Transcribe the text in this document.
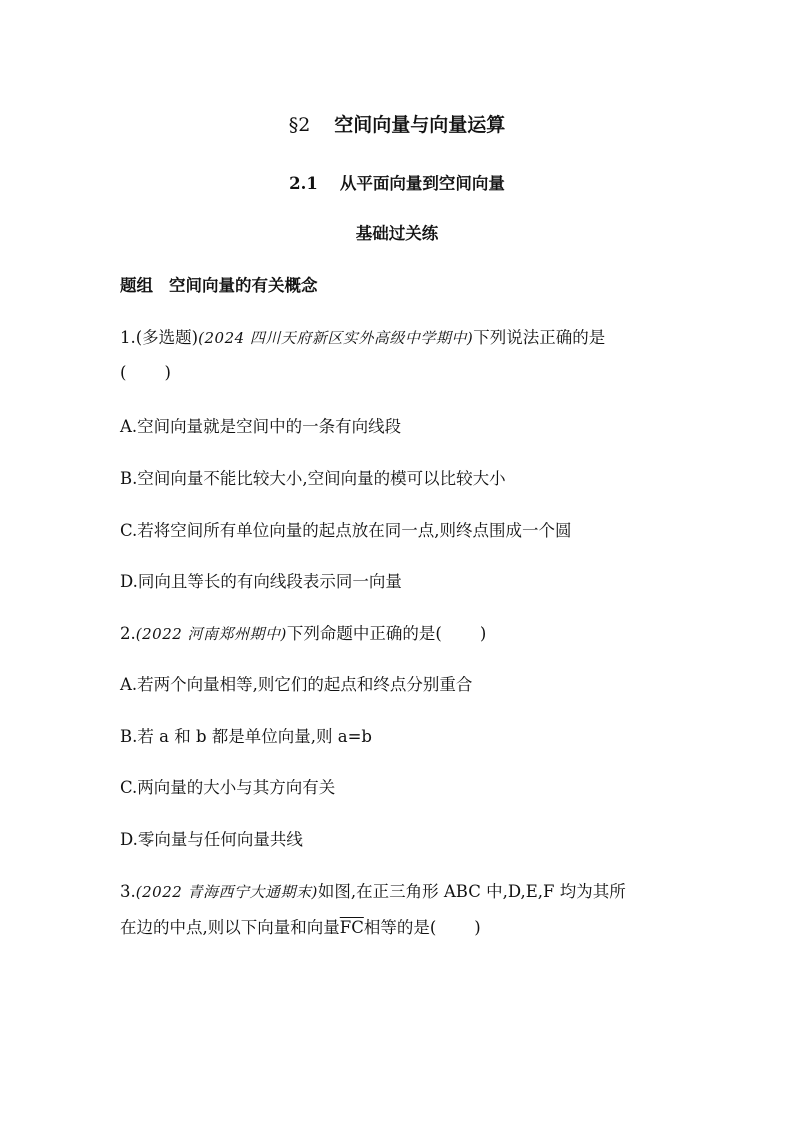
§2 空间向量与向量运算
2.1 从平面向量到空间向量
基础过关练
题组 空间向量的有关概念
1.(多选题)(2024 四川天府新区实外高级中学期中)下列说法正确的是
( )
A.空间向量就是空间中的一条有向线段
B.空间向量不能比较大小,空间向量的模可以比较大小
C.若将空间所有单位向量的起点放在同一点,则终点围成一个圆
D.同向且等长的有向线段表示同一向量
2.(2022 河南郑州期中)下列命题中正确的是( )
A.若两个向量相等,则它们的起点和终点分别重合
B.若 a 和 b 都是单位向量,则 a=b
C.两向量的大小与其方向有关
D.零向量与任何向量共线
3.(2022 青海西宁大通期末)如图,在正三角形 ABC 中,D,E,F 均为其所
在边的中点,则以下向量和向量$\overline{FC}$相等的是( )
